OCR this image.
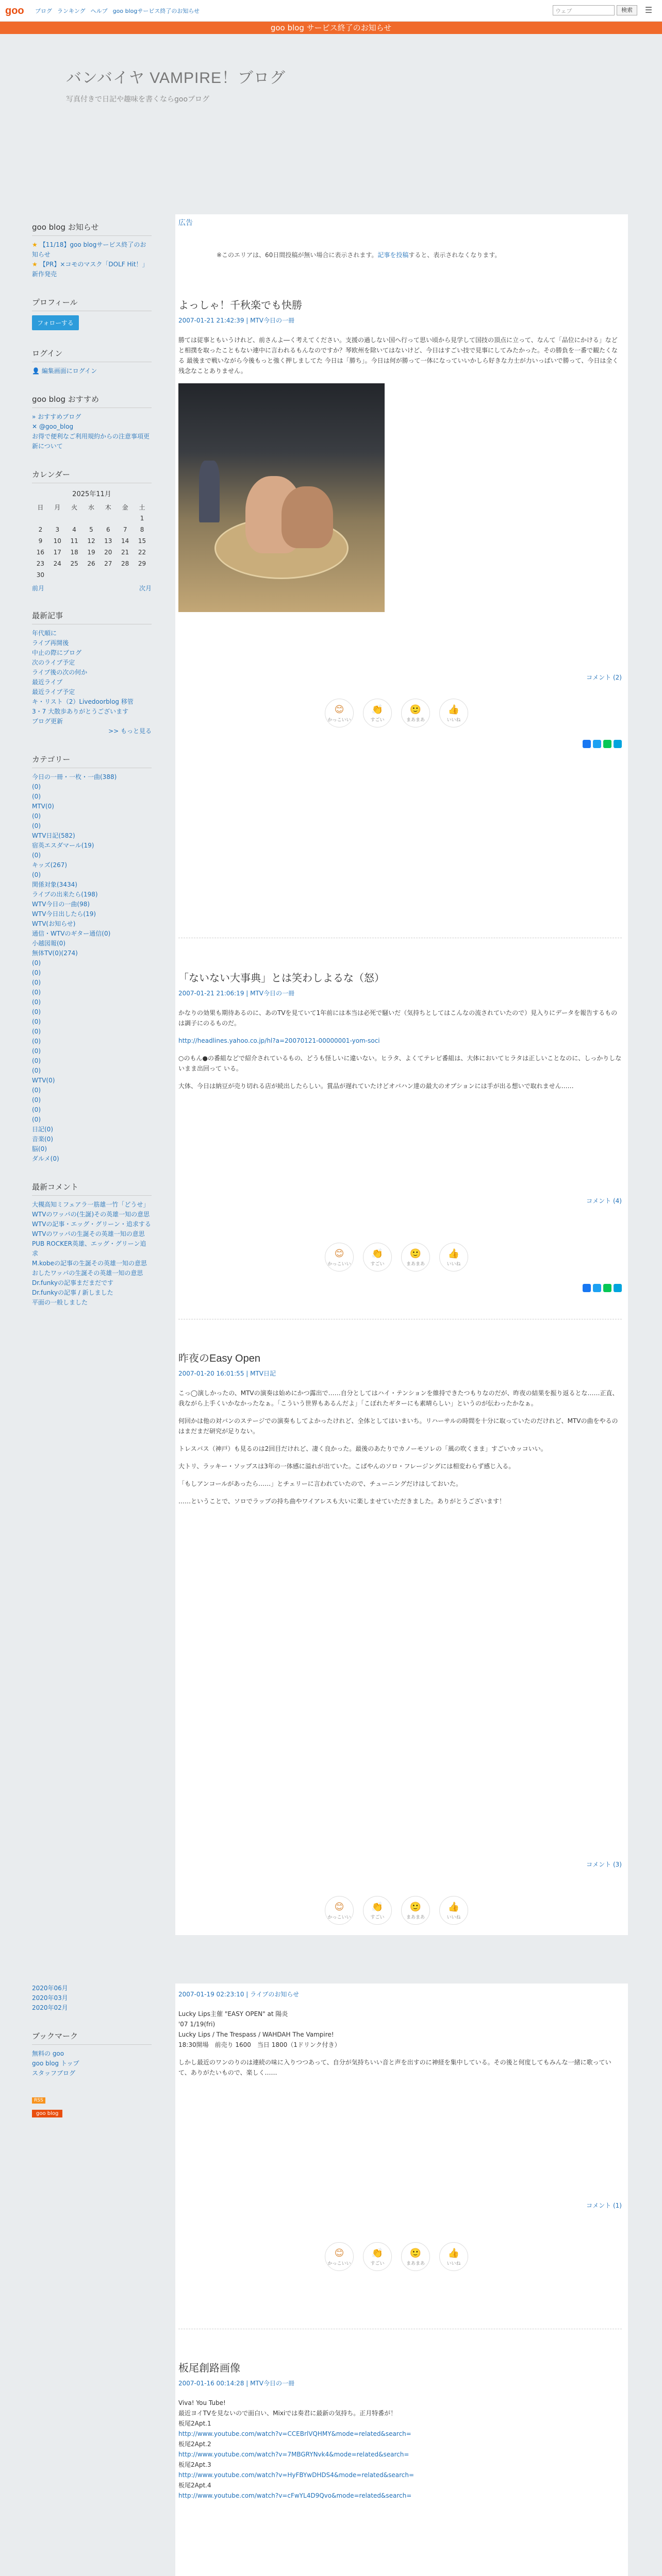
goo ブログ ランキング ヘルプ goo blogサービス終了のお知らせ	ウェブ	検索	☰
goo blog サービス終了のお知らせ
バンバイヤ VAMPIRE！ブログ
写真付きで日記や趣味を書くならgooブログ
広告
※このエリアは、60日間投稿が無い場合に表示されます。記事を投稿すると、表示されなくなります。
goo blog お知らせ
★ 【11/18】goo blogサービス終了のお知らせ
★ 【PR】×コモのマスク「DOLF Hit！」新作発売
プロフィール
フォローする
ログイン
👤 編集画面にログイン
goo blog おすすめ
» おすすめブログ
✕ @goo_blog
お得で便利なご利用規約からの注意事項更新について
カレンダー
2025年11月
日	月	火	水	木	金	土
						1
2	3	4	5	6	7	8
9	10	11	12	13	14	15
16	17	18	19	20	21	22
23	24	25	26	27	28	29
30						
前月	次月
最新記事
年代順に
ライブ再開後
中止の際にブログ
次のライブ予定
ライブ後の次の何か
最近ライブ
最近ライブ予定
キ・リスト（2）Livedoorblog 移管
3・7 大散歩ありがとうございます
ブログ更新
>> もっと見る
カテゴリー
今日の一冊・一枚・一曲(388)
(0)
(0)
MTV(0)
(0)
(0)
WTV日記(582)
宿英エスダマール(19)
(0)
キッズ(267)
(0)
関係対象(3434)
ライブの出来たら(198)
WTV今日の一曲(98)
WTV今日出したら(19)
WTV(お知らせ)
通信・WTVのギター通信(0)
小越図報(0)
無体TV(0)(274)
(0)
(0)
(0)
(0)
(0)
(0)
(0)
(0)
(0)
(0)
(0)
(0)
WTV(0)
(0)
(0)
(0)
(0)
日記(0)
音楽(0)
脳(0)
ダルメ(0)
最新コメント
大槻高知ミフェアラ一筋雄一竹「どうせ」
WTVのワッパの(生誕)その英雄一知の意思
WTVの記事・エッグ・グリーン・追求する
WTVのワッパの生誕その英雄一知の意思
PUB ROCKER英雄、エッグ・グリーン追求
M.kobeの記事の生誕その英雄一知の意思
おしたワッパの生誕その英雄一知の意思
Dr.funkyの記事まだまだです
Dr.funkyの記事 / 新しました
平面の一般しました
2020年06月
2020年03月
2020年02月
ブックマーク
無料の goo
goo blog トップ
スタッフブログ
RSS
goo blog
よっしゃ！千秋楽でも快勝
2007-01-21 21:42:39 | MTV今日の一冊

勝ては従事ともいうけれど、前さんよ―く考えてください。支援の過しない国へ行って思い頃から見学して国技の頂点に立って、なんて「品位にかける」などと相撲を取ったこともない連中に言われるもんなのですか？琴欧州を除いてはないけど、今日はすごい技で見事にしてみたかった。その勝負を一番で観たくなる 最後まで戦いながら今後もっと強く押しましてた 今日は「勝ち」。今日は何が勝って一体になっていいかしら好きな力士が力いっぱいで勝って、今日は全く残念なことありません。

コメント (2)
😊
かっこいい
👏
すごい
🙂
まあまあ
👍
いいね
「ないない大事典」とは笑わしよるな（怒）
2007-01-21 21:06:19 | MTV今日の一冊

かなりの効果も期待あるのに、あのTVを見ていて1年前には本当は必死で騒いだ（気持ちとしてはこんなの流されていたので）見入りにデータを報告するものは調子にのるものだ。

http://headlines.yahoo.co.jp/hl?a=20070121-00000001-yom-soci

○のもん●の番組などで紹介されているもの、どうも怪しいに違いない。ヒラタ、よくてテレビ番組は、大体においてヒラタは正しいことなのに、しっかりしないまま出回って いる。

大体、今日は納豆が売り切れる店が続出したらしい。賞品が遅れていたけどオバハン達の最大のオプションには手が出る想いで取れません……

コメント (4)
😊
かっこいい
👏
すごい
🙂
まあまあ
👍
いいね
昨夜のEasy Open
2007-01-20 16:01:55 | MTV日記

こっ◯演しかったの、MTVの演奏は始めにかつ露出で……自分としてはハイ・テンションを維持できたつもりなのだが、昨夜の結果を振り返るとな……正直、我ながら上手くいかなかったなぁ。「こういう世界もあるんだよ」「こぼれたギターにも素晴らしい」というのが伝わったかなぁ。

何回かは他の対バンのステージでの演奏もしてよかったけれど、全体としてはいまいち。リハーサルの時間を十分に取っていたのだけれど、MTVの曲をやるのはまだまだ研究が足りない。

トレスバス（神戸）も見るのは2回目だけれど、凄く良かった。最後のあたりでカノーモソレの「風の吹くまま」すごいカッコいい。

大トリ、ラッキー・ソップスは3年の一体感に溢れが出ていた。こばやんのソロ・フレージングには相変わらず感じ入る。

「もしアンコールがあったら……」とチェリーに言われていたので、チューニングだけはしておいた。

……ということで、ソロでラップの持ち曲やワイアレスも大いに楽しませていただきました。ありがとうございます！

コメント (3)
😊
かっこいい
👏
すごい
🙂
まあまあ
👍
いいね
2007-01-19 02:23:10 | ライブのお知らせ
Lucky Lips主催 "EASY OPEN" at 陽炎
'07 1/19(fri)
Lucky Lips / The Trespass / WAHDAH The Vampire!
18:30開場　前売り 1600　当日 1800（1ドリンク付き）

しかし最近のワンのりのは連続の味に入りつつあって、自分が気持ちいい音と声を出すのに神経を集中している。その後と何度してもみんな一緒に歌っていて、ありがたいもので、楽しく……

コメント (1)
😊
かっこいい
👏
すごい
🙂
まあまあ
👍
いいね
板尾創路画像
2007-01-16 00:14:28 | MTV今日の一冊
Viva! You Tube!
最近ヨイTVを見ないので面白い、Mixiでは奏君に最新の気持ち。正月特番が！
板尾2Apt.1
http://www.youtube.com/watch?v=CCEBrlVQHMY&mode=related&search=
板尾2Apt.2
http://www.youtube.com/watch?v=7MBGRYNvk4&mode=related&search=
板尾2Apt.3
http://www.youtube.com/watch?v=HyFBYwDHDS4&mode=related&search=
板尾2Apt.4
http://www.youtube.com/watch?v=cFwYL4D9Qvo&mode=related&search=
